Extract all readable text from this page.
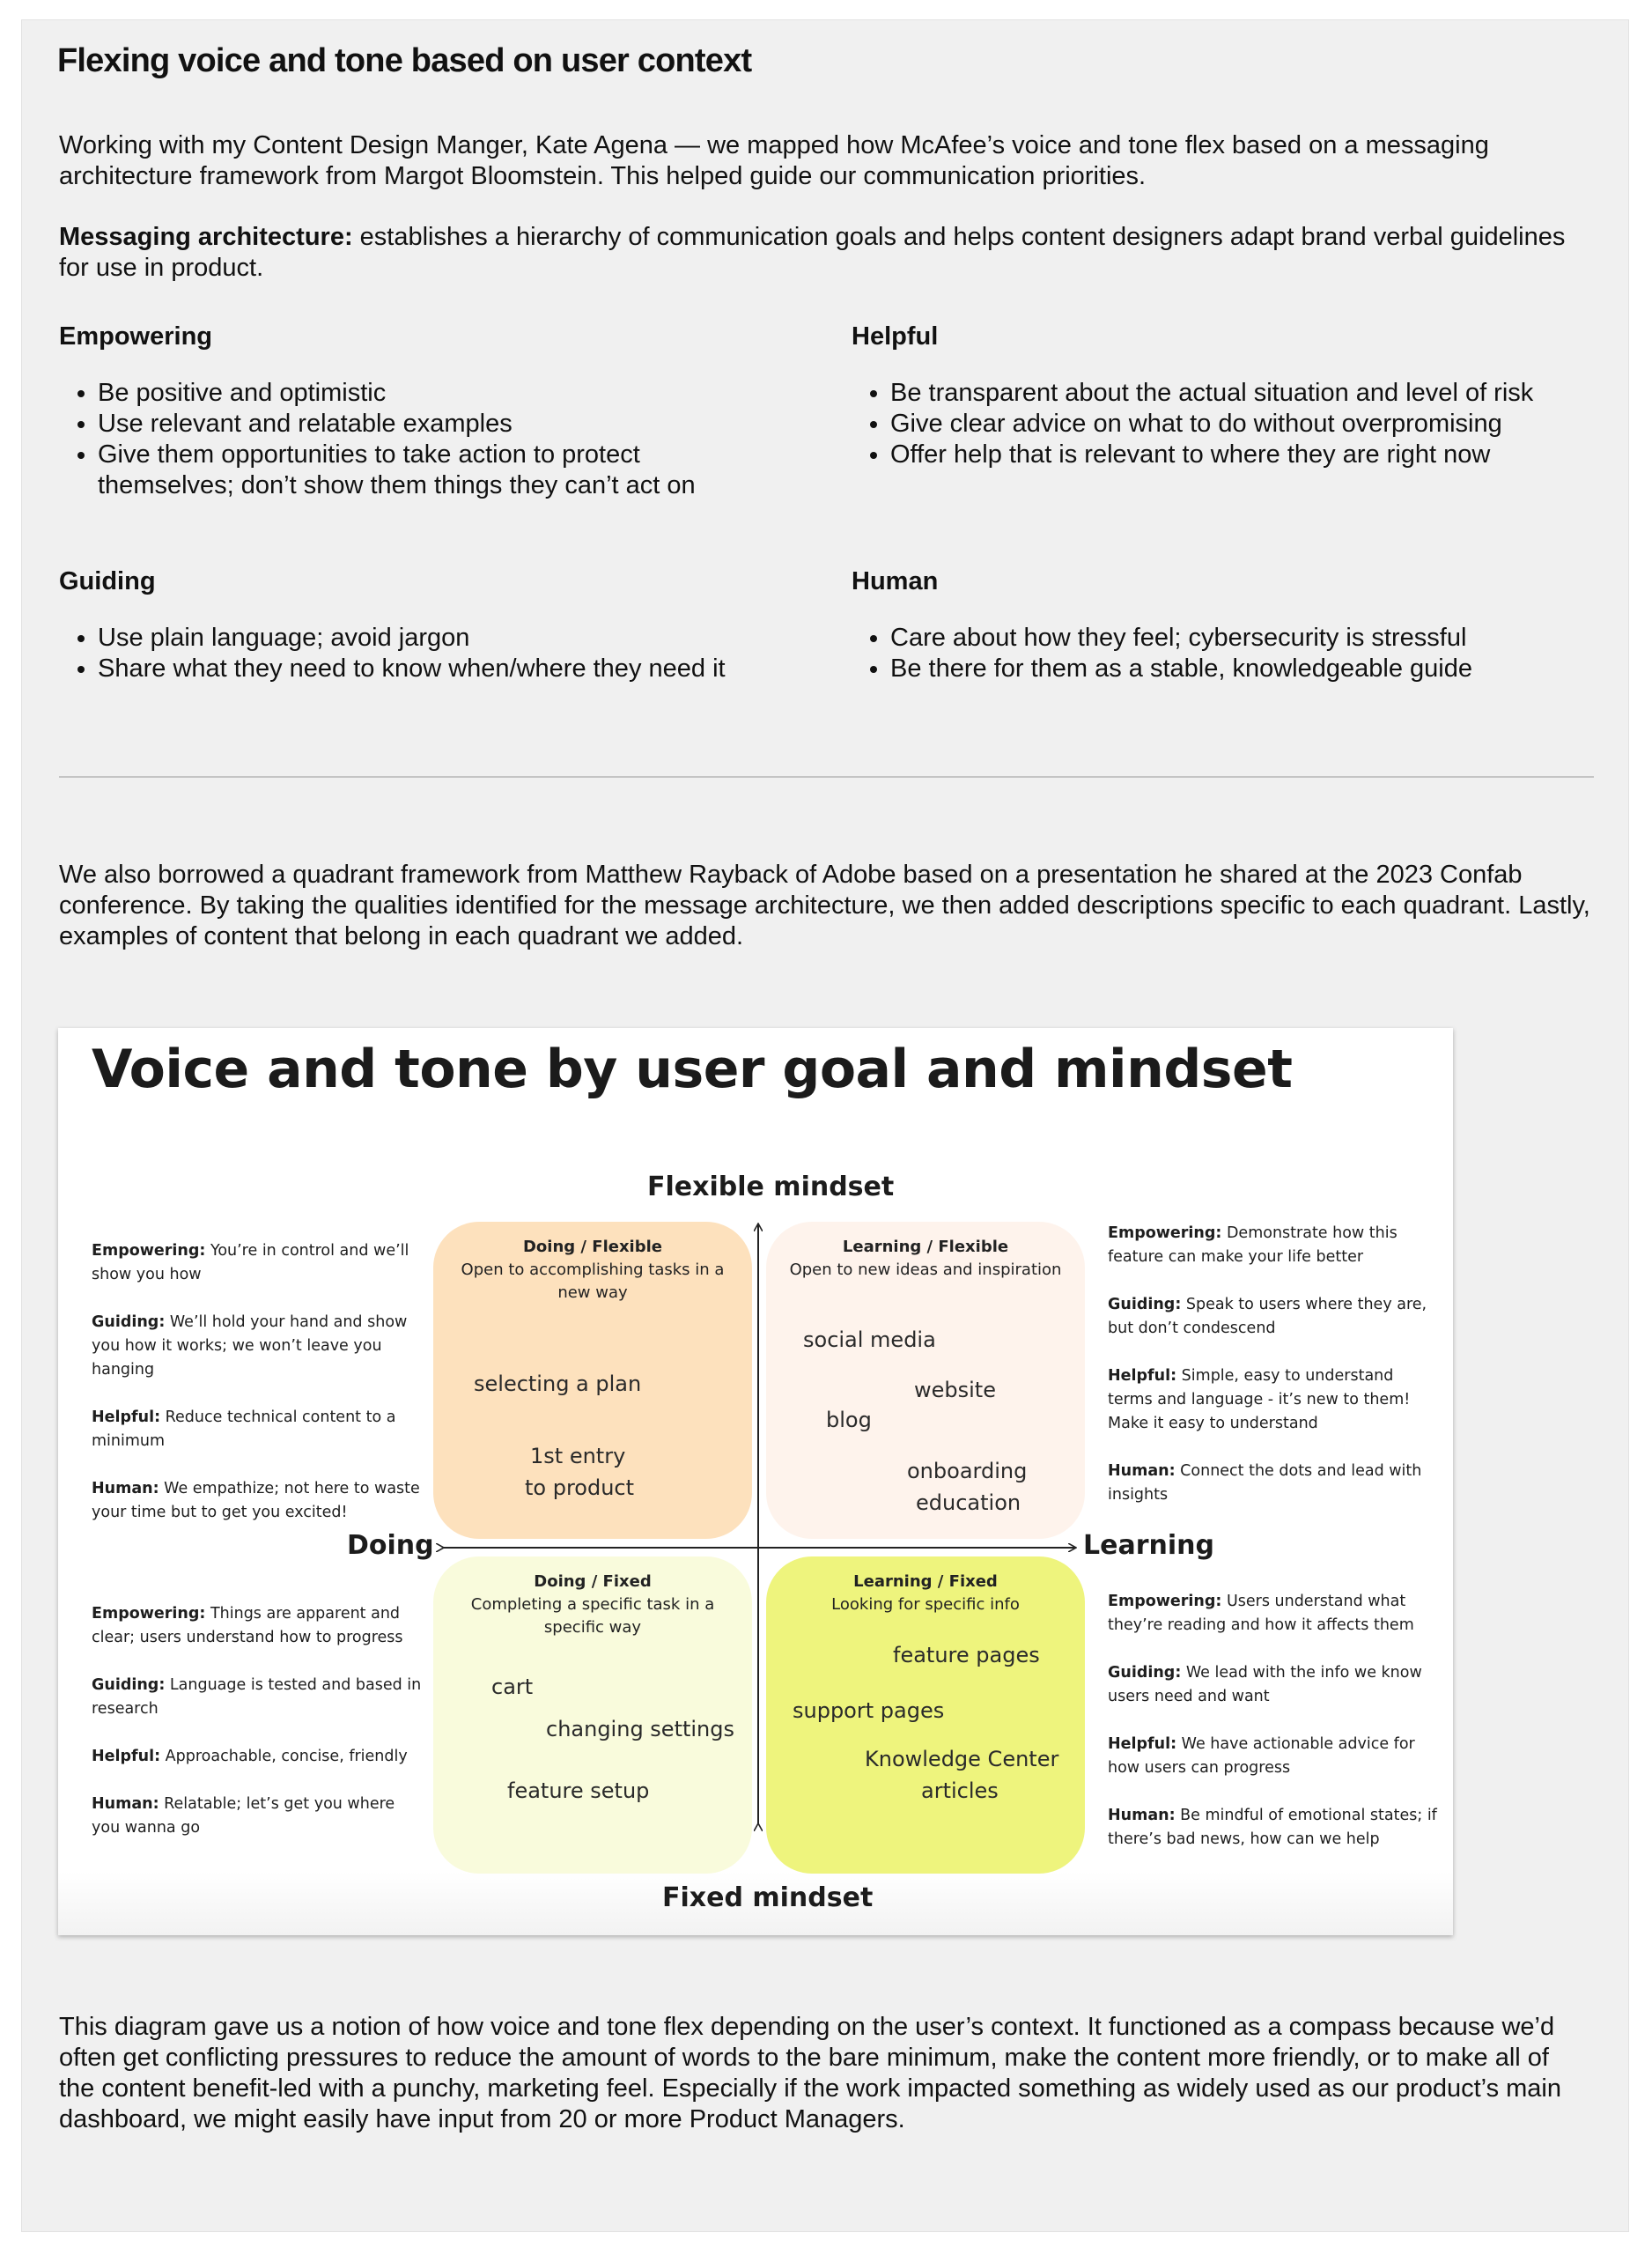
Flexing voice and tone based on user context

Working with my Content Design Manger, Kate Agena — we mapped how McAfee’s voice and tone flex based on a messaging architecture framework from Margot Bloomstein. This helped guide our communication priorities.

Messaging architecture: establishes a hierarchy of communication goals and helps content designers adapt brand verbal guidelines for use in product.

Empowering
• Be positive and optimistic
• Use relevant and relatable examples
• Give them opportunities to take action to protect themselves; don’t show them things they can’t act on
Helpful
• Be transparent about the actual situation and level of risk
• Give clear advice on what to do without overpromising
• Offer help that is relevant to where they are right now
Guiding
• Use plain language; avoid jargon
• Share what they need to know when/where they need it
Human
• Care about how they feel; cybersecurity is stressful
• Be there for them as a stable, knowledgeable guide

We also borrowed a quadrant framework from Matthew Rayback of Adobe based on a presentation he shared at the 2023 Confab conference. By taking the qualities identified for the message architecture, we then added descriptions specific to each quadrant. Lastly, examples of content that belong in each quadrant we added.

Voice and tone by user goal and mindset
Flexible mindset
Fixed mindset
Doing	Learning
Doing / Flexible
Open to accomplishing tasks in a new way
selecting a plan
1st entry
to product
Learning / Flexible
Open to new ideas and inspiration
social media
website
blog
onboarding
education
Doing / Fixed
Completing a specific task in a specific way
cart
changing settings
feature setup
Learning / Fixed
Looking for specific info
feature pages
support pages
Knowledge Center
articles

Empowering: You’re in control and we’ll show you how

Guiding: We’ll hold your hand and show you how it works; we won’t leave you hanging

Helpful: Reduce technical content to a minimum

Human: We empathize; not here to waste your time but to get you excited!

Empowering: Demonstrate how this feature can make your life better

Guiding: Speak to users where they are, but don’t condescend

Helpful: Simple, easy to understand terms and language - it’s new to them! Make it easy to understand

Human: Connect the dots and lead with insights

Empowering: Things are apparent and clear; users understand how to progress

Guiding: Language is tested and based in research

Helpful: Approachable, concise, friendly

Human: Relatable; let’s get you where you wanna go

Empowering: Users understand what they’re reading and how it affects them

Guiding: We lead with the info we know users need and want

Helpful: We have actionable advice for how users can progress

Human: Be mindful of emotional states; if there’s bad news, how can we help

This diagram gave us a notion of how voice and tone flex depending on the user’s context. It functioned as a compass because we’d often get conflicting pressures to reduce the amount of words to the bare minimum, make the content more friendly, or to make all of the content benefit-led with a punchy, marketing feel. Especially if the work impacted something as widely used as our product’s main dashboard, we might easily have input from 20 or more Product Managers.
